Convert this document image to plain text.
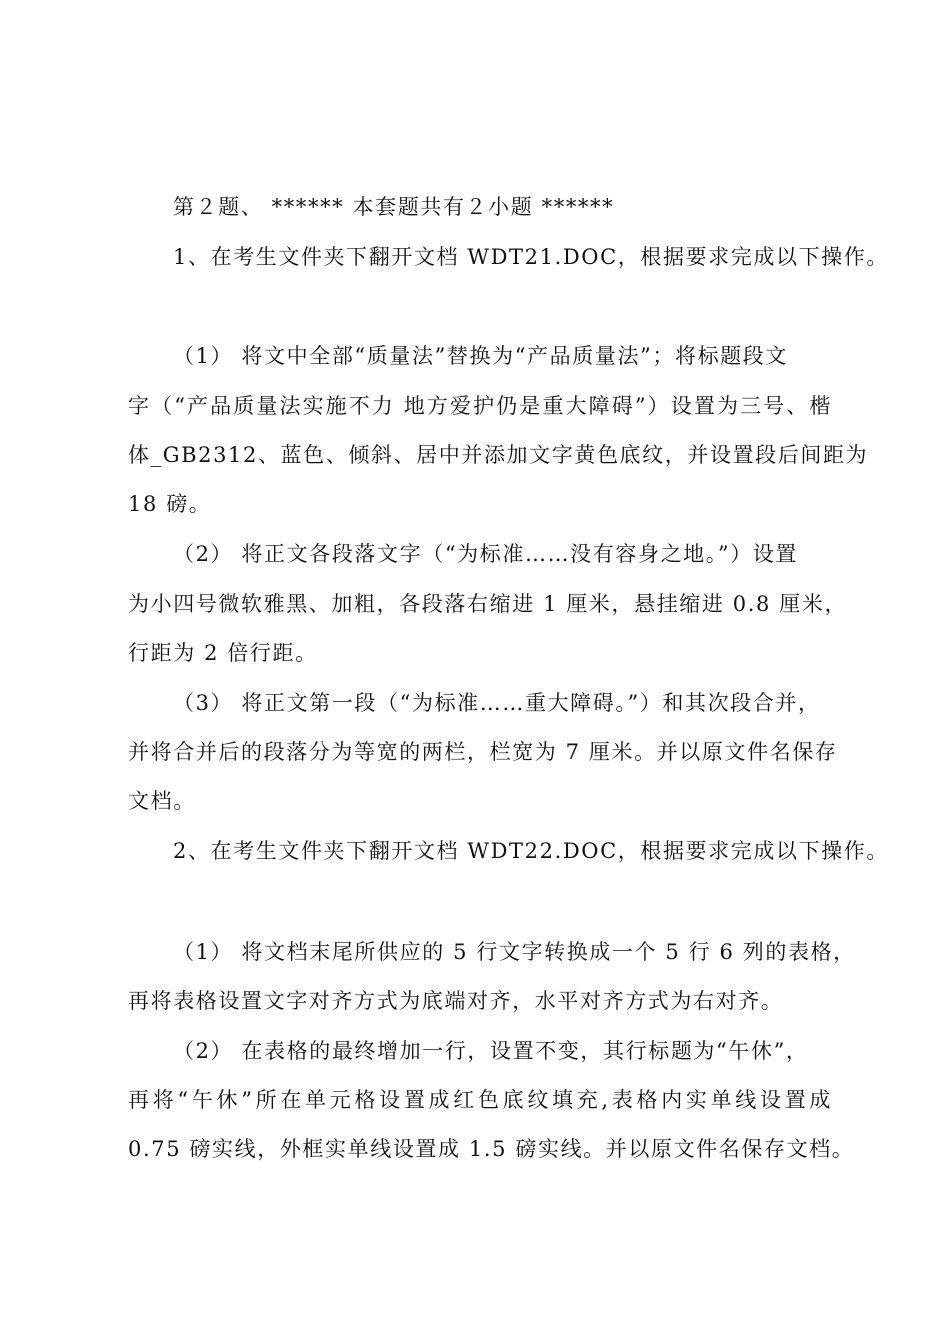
第２题、 ****** 本套题共有２小题 ******
1、在考生文件夹下翻开文档 WDT21.DOC，根据要求完成以下操作。
（1） 将文中全部“质量法”替换为“产品质量法”；将标题段文
字（“产品质量法实施不力 地方爱护仍是重大障碍”）设置为三号、楷
体_GB2312、蓝色、倾斜、居中并添加文字黄色底纹，并设置段后间距为
18 磅。
（2） 将正文各段落文字（“为标准……没有容身之地。”）设置
为小四号微软雅黑、加粗，各段落右缩进 1 厘米，悬挂缩进 0.8 厘米，
行距为 2 倍行距。
（3） 将正文第一段（“为标准……重大障碍。”）和其次段合并，
并将合并后的段落分为等宽的两栏，栏宽为 7 厘米。并以原文件名保存
文档。
2、在考生文件夹下翻开文档 WDT22.DOC，根据要求完成以下操作。
（1） 将文档末尾所供应的 5 行文字转换成一个 5 行 6 列的表格，
再将表格设置文字对齐方式为底端对齐，水平对齐方式为右对齐。
（2） 在表格的最终增加一行，设置不变，其行标题为“午休”，
再将“午休”所在单元格设置成红色底纹填充,表格内实单线设置成
0.75 磅实线，外框实单线设置成 1.5 磅实线。并以原文件名保存文档。
